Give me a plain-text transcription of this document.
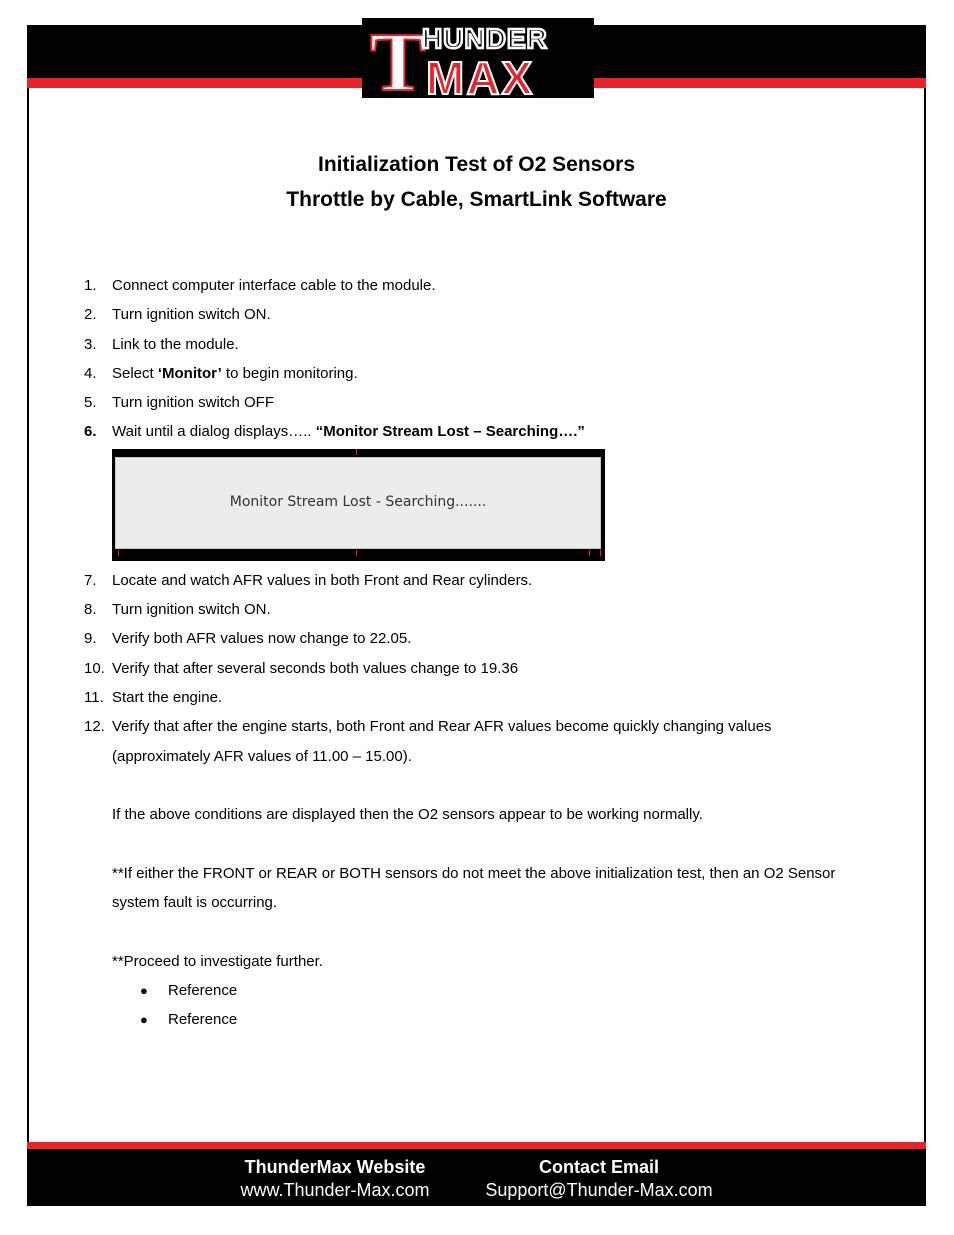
T
HUNDER
MAX
Initialization Test of O2 Sensors
Throttle by Cable, SmartLink Software
1.	Connect computer interface cable to the module.
2.	Turn ignition switch ON.
3.	Link to the module.
4.	Select ‘Monitor’ to begin monitoring.
5.	Turn ignition switch OFF
6.	Wait until a dialog displays….. “Monitor Stream Lost – Searching….”
Monitor Stream Lost - Searching.......
7.	Locate and watch AFR values in both Front and Rear cylinders.
8.	Turn ignition switch ON.
9.	Verify both AFR values now change to 22.05.
10. Verify that after several seconds both values change to 19.36
11. Start the engine.
12. Verify that after the engine starts, both Front and Rear AFR values become quickly changing values
(approximately AFR values of 11.00 – 15.00).
If the above conditions are displayed then the O2 sensors appear to be working normally.
**If either the FRONT or REAR or BOTH sensors do not meet the above initialization test, then an O2 Sensor
system fault is occurring.
**Proceed to investigate further.
●	Reference
●	Reference
ThunderMax Website
www.Thunder-Max.com
Contact Email
Support@Thunder-Max.com
